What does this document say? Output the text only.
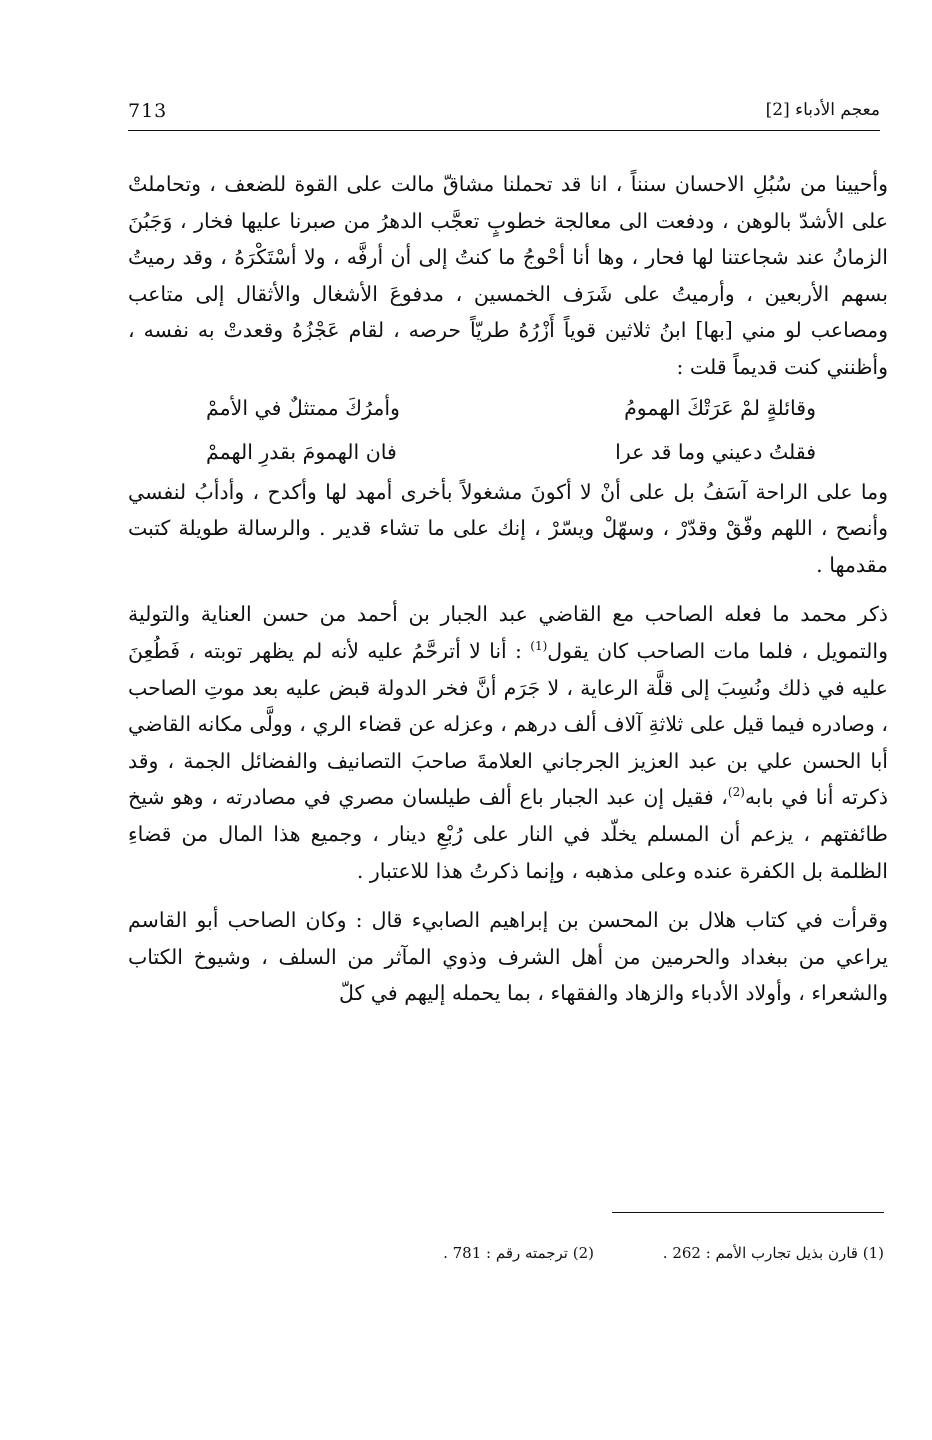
713	معجم الأدباء [2]

وأحيينا من سُبُلِ الاحسان سنناً ، انا قد تحملنا مشاقّ مالت على القوة للضعف ، وتحاملتْ على الأشدّ بالوهن ، ودفعت الى معالجة خطوبٍ تعجَّب الدهرُ من صبرنا عليها فخار ، وَجَبُنَ الزمانُ عند شجاعتنا لها فحار ، وها أنا أحْوجُ ما كنتُ إلى أن أرفَّه ، ولا أسْتَكْرَهُ ، وقد رميتُ بسهم الأربعين ، وأرميتُ على شَرَف الخمسين ، مدفوعَ الأشغال والأثقال إلى متاعب ومصاعب لو مني [بها] ابنُ ثلاثين قوياً أَزْرُهُ طريّاً حرصه ، لقام عَجْزُهُ وقعدتْ به نفسه ، وأظنني كنت قديماً قلت :

وقائلةٍ لمْ عَرَتْكَ الهمومُ
وأمرُكَ ممتثلٌ في الأممْ
فقلتُ دعيني وما قد عرا
فان الهمومَ بقدرِ الهممْ

وما على الراحة آسَفُ بل على أنْ لا أكونَ مشغولاً بأخرى أمهد لها وأكدح ، وأدأبُ لنفسي وأنصح ، اللهم وفّقْ وقدّرْ ، وسهّلْ ويسّرْ ، إنك على ما تشاء قدير . والرسالة طويلة كتبت مقدمها .

ذكر محمد ما فعله الصاحب مع القاضي عبد الجبار بن أحمد من حسن العناية والتولية والتمويل ، فلما مات الصاحب كان يقول$^{(1)}$ : أنا لا أترحَّمُ عليه لأنه لم يظهر توبته ، فَطُعِنَ عليه في ذلك ونُسِبَ إلى قلَّة الرعاية ، لا جَرَم أنَّ فخر الدولة قبض عليه بعد موتِ الصاحب ، وصادره فيما قيل على ثلاثةِ آلاف ألف درهم ، وعزله عن قضاء الري ، وولَّى مكانه القاضي أبا الحسن علي بن عبد العزيز الجرجاني العلامةَ صاحبَ التصانيف والفضائل الجمة ، وقد ذكرته أنا في بابه$^{(2)}$، فقيل إن عبد الجبار باع ألف طيلسان مصري في مصادرته ، وهو شيخ طائفتهم ، يزعم أن المسلم يخلّد في النار على رُبْعِ دينار ، وجميع هذا المال من قضاءِ الظلمة بل الكفرة عنده وعلى مذهبه ، وإنما ذكرتُ هذا للاعتبار .

وقرأت في كتاب هلال بن المحسن بن إبراهيم الصابيء قال : وكان الصاحب أبو القاسم يراعي من ببغداد والحرمين من أهل الشرف وذوي المآثر من السلف ، وشيوخ الكتاب والشعراء ، وأولاد الأدباء والزهاد والفقهاء ، بما يحمله إليهم في كلّ

(1) قارن بذيل تجارب الأمم : 262 .
(2) ترجمته رقم : 781 .
